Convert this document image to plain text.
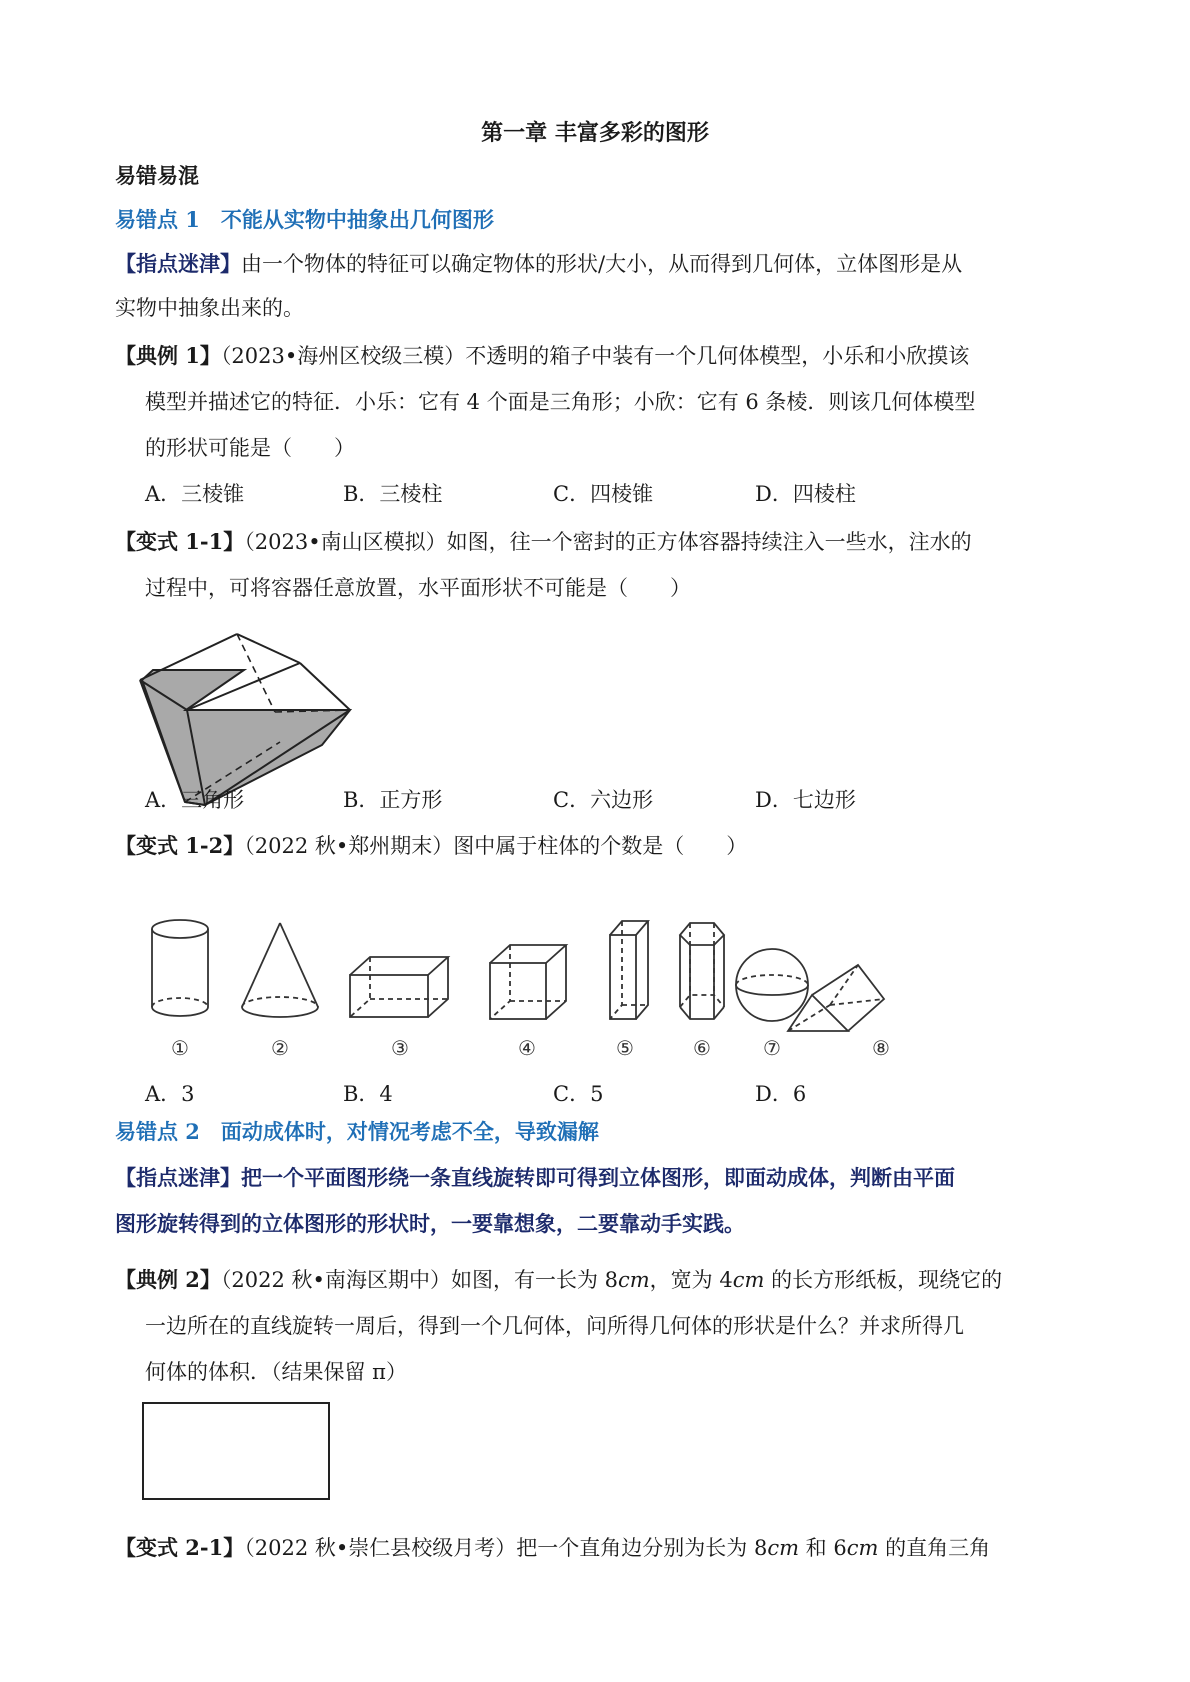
第一章 丰富多彩的图形
易错易混
易错点 1　不能从实物中抽象出几何图形
【指点迷津】由一个物体的特征可以确定物体的形状/大小，从而得到几何体，立体图形是从
实物中抽象出来的。
【典例 1】（2023•海州区校级三模）不透明的箱子中装有一个几何体模型，小乐和小欣摸该
模型并描述它的特征．小乐：它有 4 个面是三角形；小欣：它有 6 条棱．则该几何体模型
的形状可能是（　　）
A．三棱锥	B．三棱柱	C．四棱锥	D．四棱柱
【变式 1-1】（2023•南山区模拟）如图，往一个密封的正方体容器持续注入一些水，注水的
过程中，可将容器任意放置，水平面形状不可能是（　　）
A．三角形	B．正方形	C．六边形	D．七边形
【变式 1-2】（2022 秋•郑州期末）图中属于柱体的个数是（　　）
①	②	③	④	⑤	⑥	⑦	⑧
A．3	B．4	C．5	D．6
易错点 2　面动成体时，对情况考虑不全，导致漏解
【指点迷津】把一个平面图形绕一条直线旋转即可得到立体图形，即面动成体，判断由平面
图形旋转得到的立体图形的形状时，一要靠想象，二要靠动手实践。
【典例 2】（2022 秋•南海区期中）如图，有一长为 8cm，宽为 4cm 的长方形纸板，现绕它的
一边所在的直线旋转一周后，得到一个几何体，问所得几何体的形状是什么？并求所得几
何体的体积．（结果保留 π）
【变式 2-1】（2022 秋•崇仁县校级月考）把一个直角边分别为长为 8cm 和 6cm 的直角三角
